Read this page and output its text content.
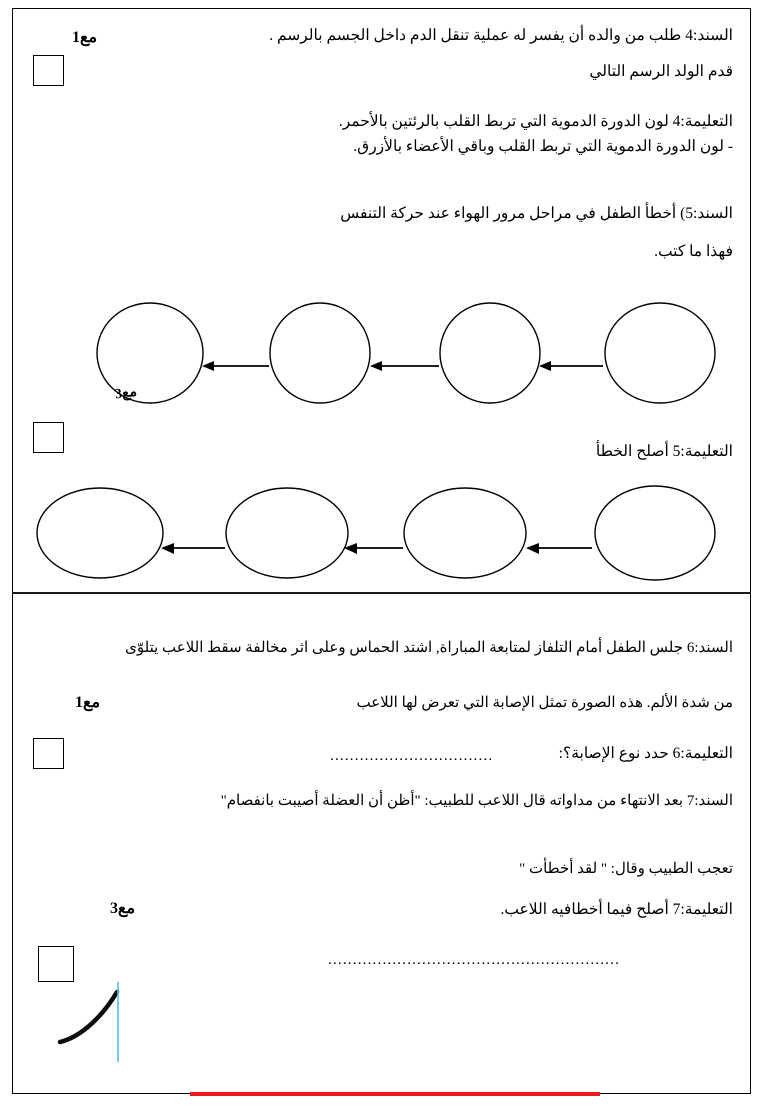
السند:4 طلب من والده أن يفسر له عملية تنقل الدم داخل الجسم بالرسم .
قدم الولد الرسم التالي
مع1
التعليمة:4 لون الدورة الدموية التي تربط القلب بالرئتين بالأحمر.
- لون الدورة الدموية التي تربط القلب وباقي الأعضاء بالأزرق.
السند:5) أخطأ الطفل في مراحل مرور الهواء عند حركة التنفس
فهذا ما كتب.
مع3
التعليمة:5 أصلح الخطأ
السند:6 جلس الطفل أمام التلفاز لمتابعة المباراة, اشتد الحماس وعلى اثر مخالفة سقط اللاعب يتلوّى
من شدة الألم. هذه الصورة تمثل الإصابة التي تعرض لها اللاعب
مع1
التعليمة:6 حدد نوع الإصابة؟:
.................................
السند:7 بعد الانتهاء من مداواته قال اللاعب للطبيب: "أظن أن العضلة أصيبت بانفصام"
تعجب الطبيب وقال: " لقد أخطأت "
التعليمة:7 أصلح فيما أخطافيه اللاعب.
مع3
...........................................................
